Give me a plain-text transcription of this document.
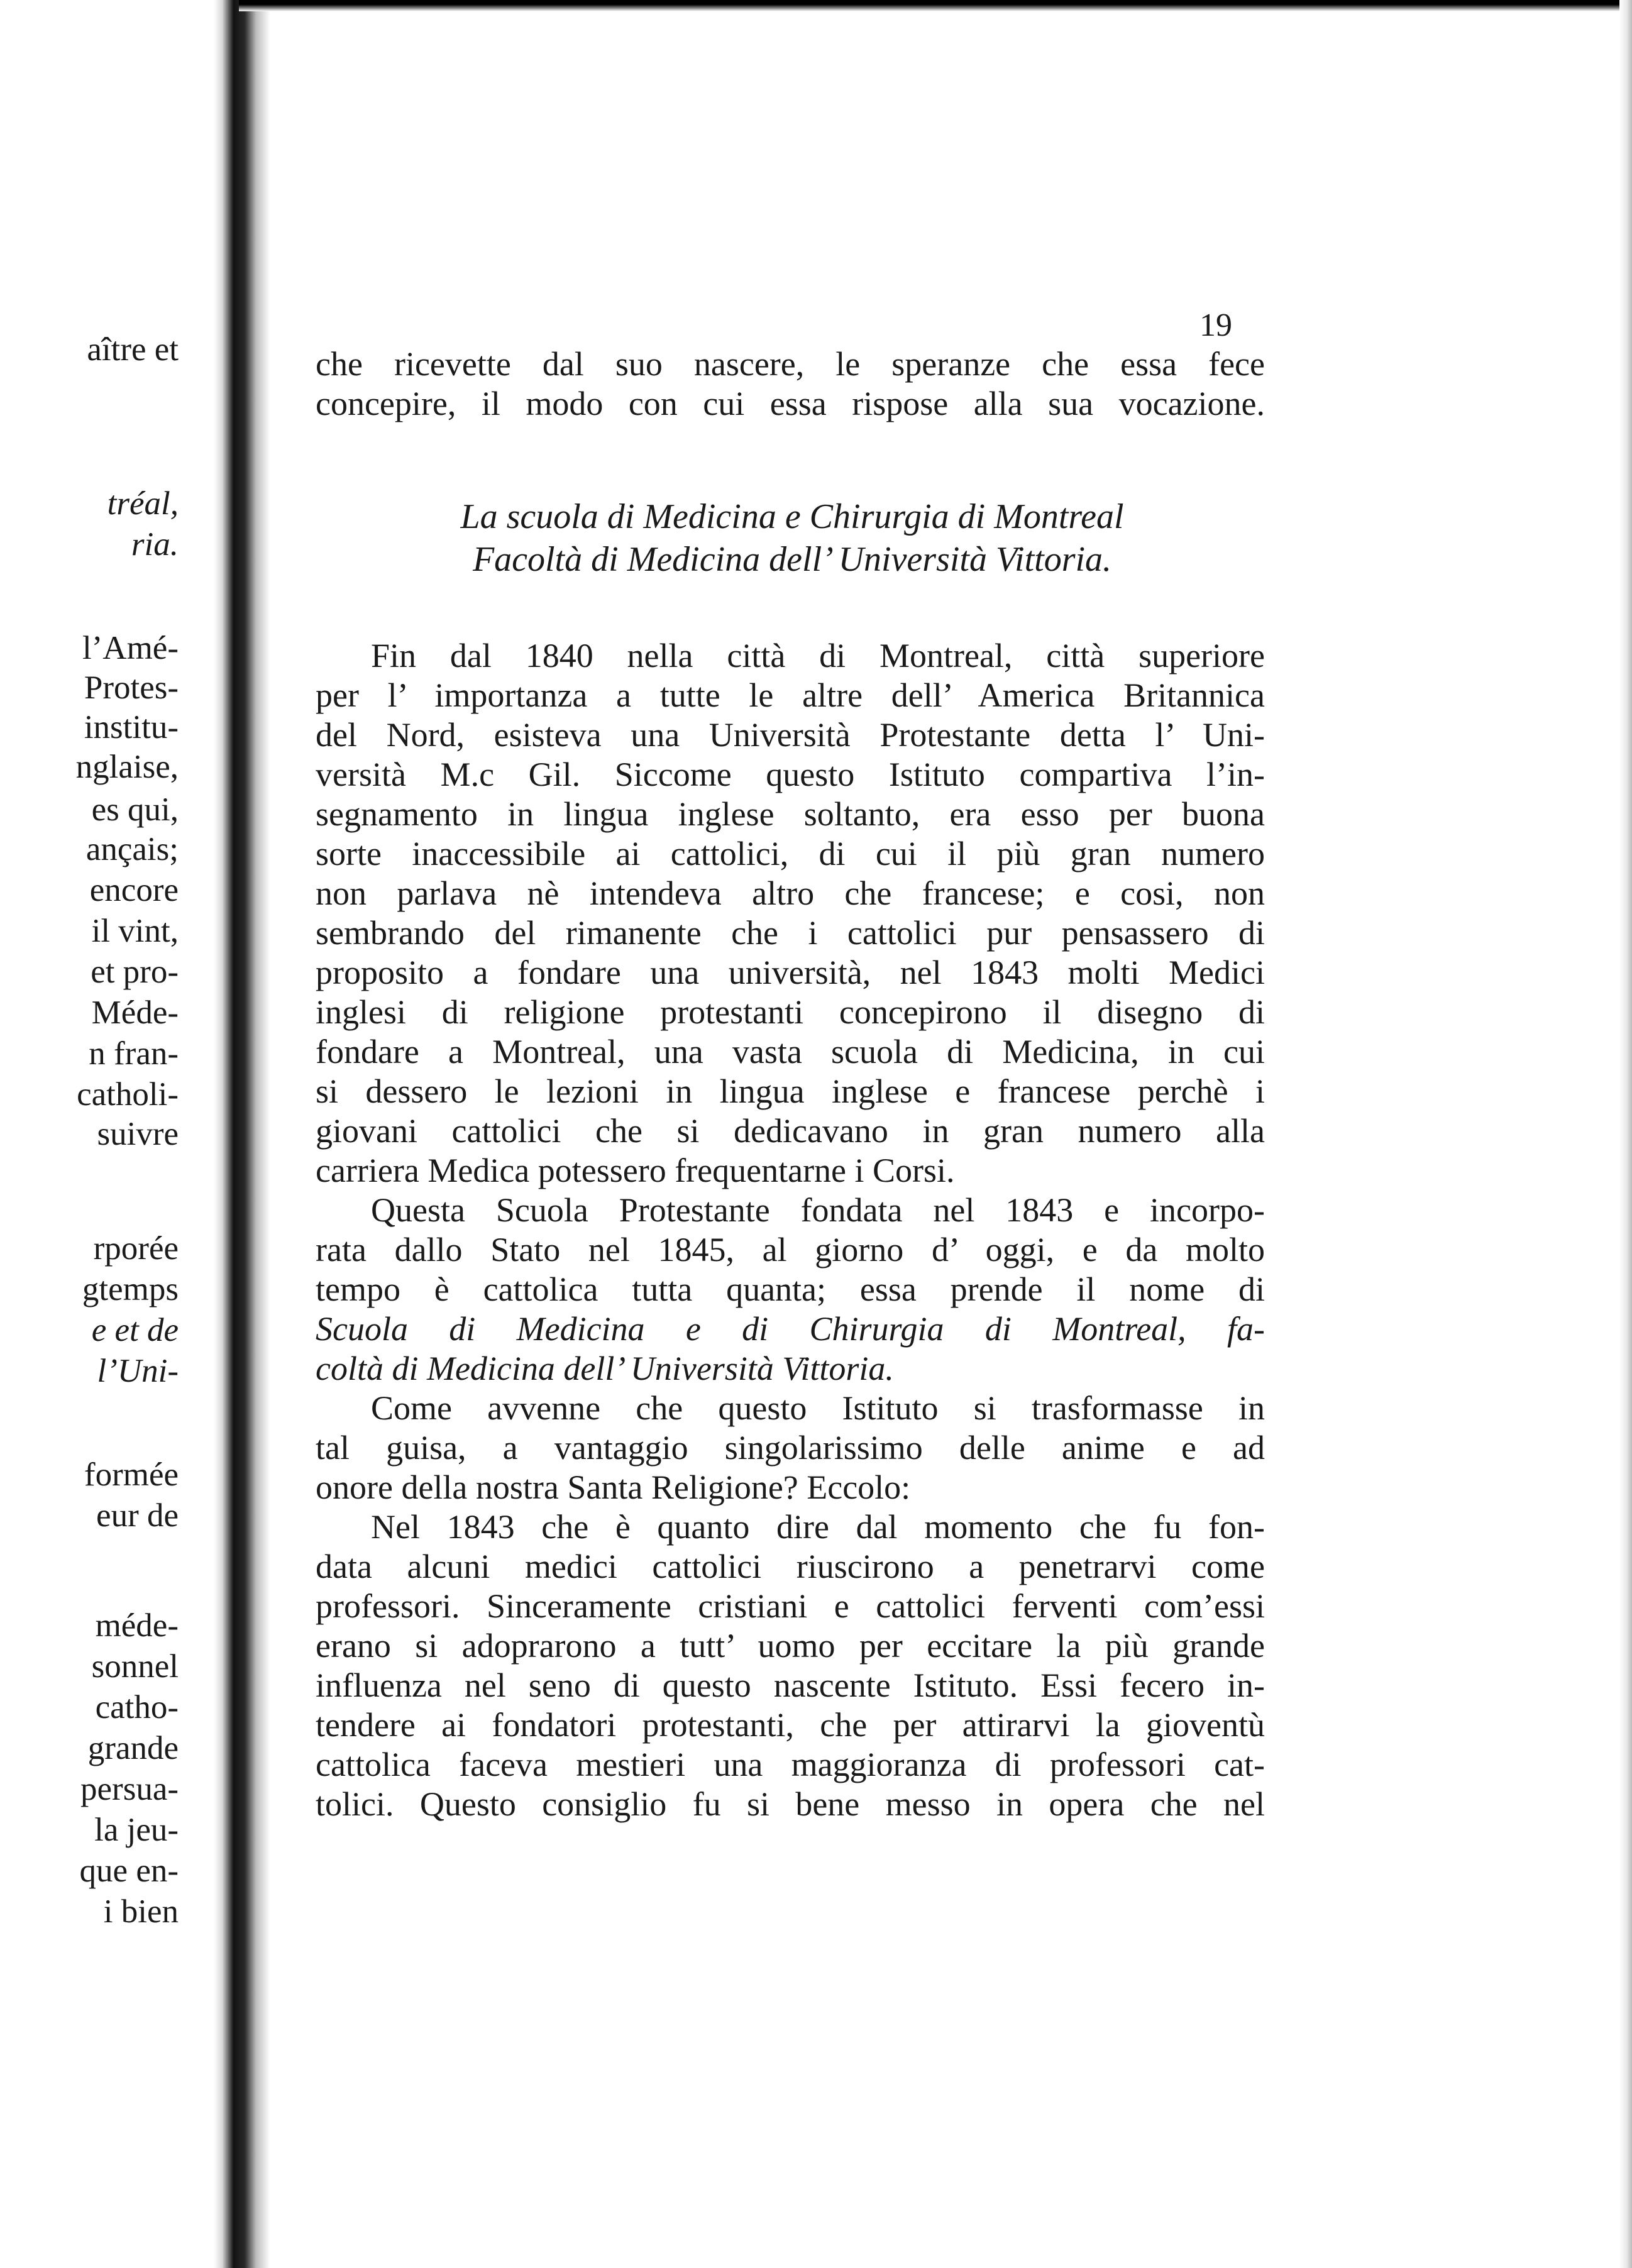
aître et
tréal,
ria.
l’Amé-
Protes-
institu-
nglaise,
es qui,
ançais;
encore
il vint,
et pro-
Méde-
n fran-
catholi-
suivre
rporée
gtemps
e et de
l’Uni-
formée
eur de
méde-
sonnel
catho-
grande
persua-
la jeu-
que en-
i bien
19
che ricevette dal suo nascere, le speranze che essa fece
concepire, il modo con cui essa rispose alla sua vocazione.
La scuola di Medicina e Chirurgia di Montreal
Facoltà di Medicina dell’ Università Vittoria.
Fin dal 1840 nella città di Montreal, città superiore
per l’ importanza a tutte le altre dell’ America Britannica
del Nord, esisteva una Università Protestante detta l’ Uni-
versità M.c Gil. Siccome questo Istituto compartiva l’in-
segnamento in lingua inglese soltanto, era esso per buona
sorte inaccessibile ai cattolici, di cui il più gran numero
non parlava nè intendeva altro che francese; e cosi, non
sembrando del rimanente che i cattolici pur pensassero di
proposito a fondare una università, nel 1843 molti Medici
inglesi di religione protestanti concepirono il disegno di
fondare a Montreal, una vasta scuola di Medicina, in cui
si dessero le lezioni in lingua inglese e francese perchè i
giovani cattolici che si dedicavano in gran numero alla
carriera Medica potessero frequentarne i Corsi.
Questa Scuola Protestante fondata nel 1843 e incorpo-
rata dallo Stato nel 1845, al giorno d’ oggi, e da molto
tempo è cattolica tutta quanta; essa prende il nome di
Scuola di Medicina e di Chirurgia di Montreal, fa-
coltà di Medicina dell’ Università Vittoria.
Come avvenne che questo Istituto si trasformasse in
tal guisa, a vantaggio singolarissimo delle anime e ad
onore della nostra Santa Religione? Eccolo:
Nel 1843 che è quanto dire dal momento che fu fon-
data alcuni medici cattolici riuscirono a penetrarvi come
professori. Sinceramente cristiani e cattolici ferventi com’essi
erano si adoprarono a tutt’ uomo per eccitare la più grande
influenza nel seno di questo nascente Istituto. Essi fecero in-
tendere ai fondatori protestanti, che per attirarvi la gioventù
cattolica faceva mestieri una maggioranza di professori cat-
tolici. Questo consiglio fu si bene messo in opera che nel
